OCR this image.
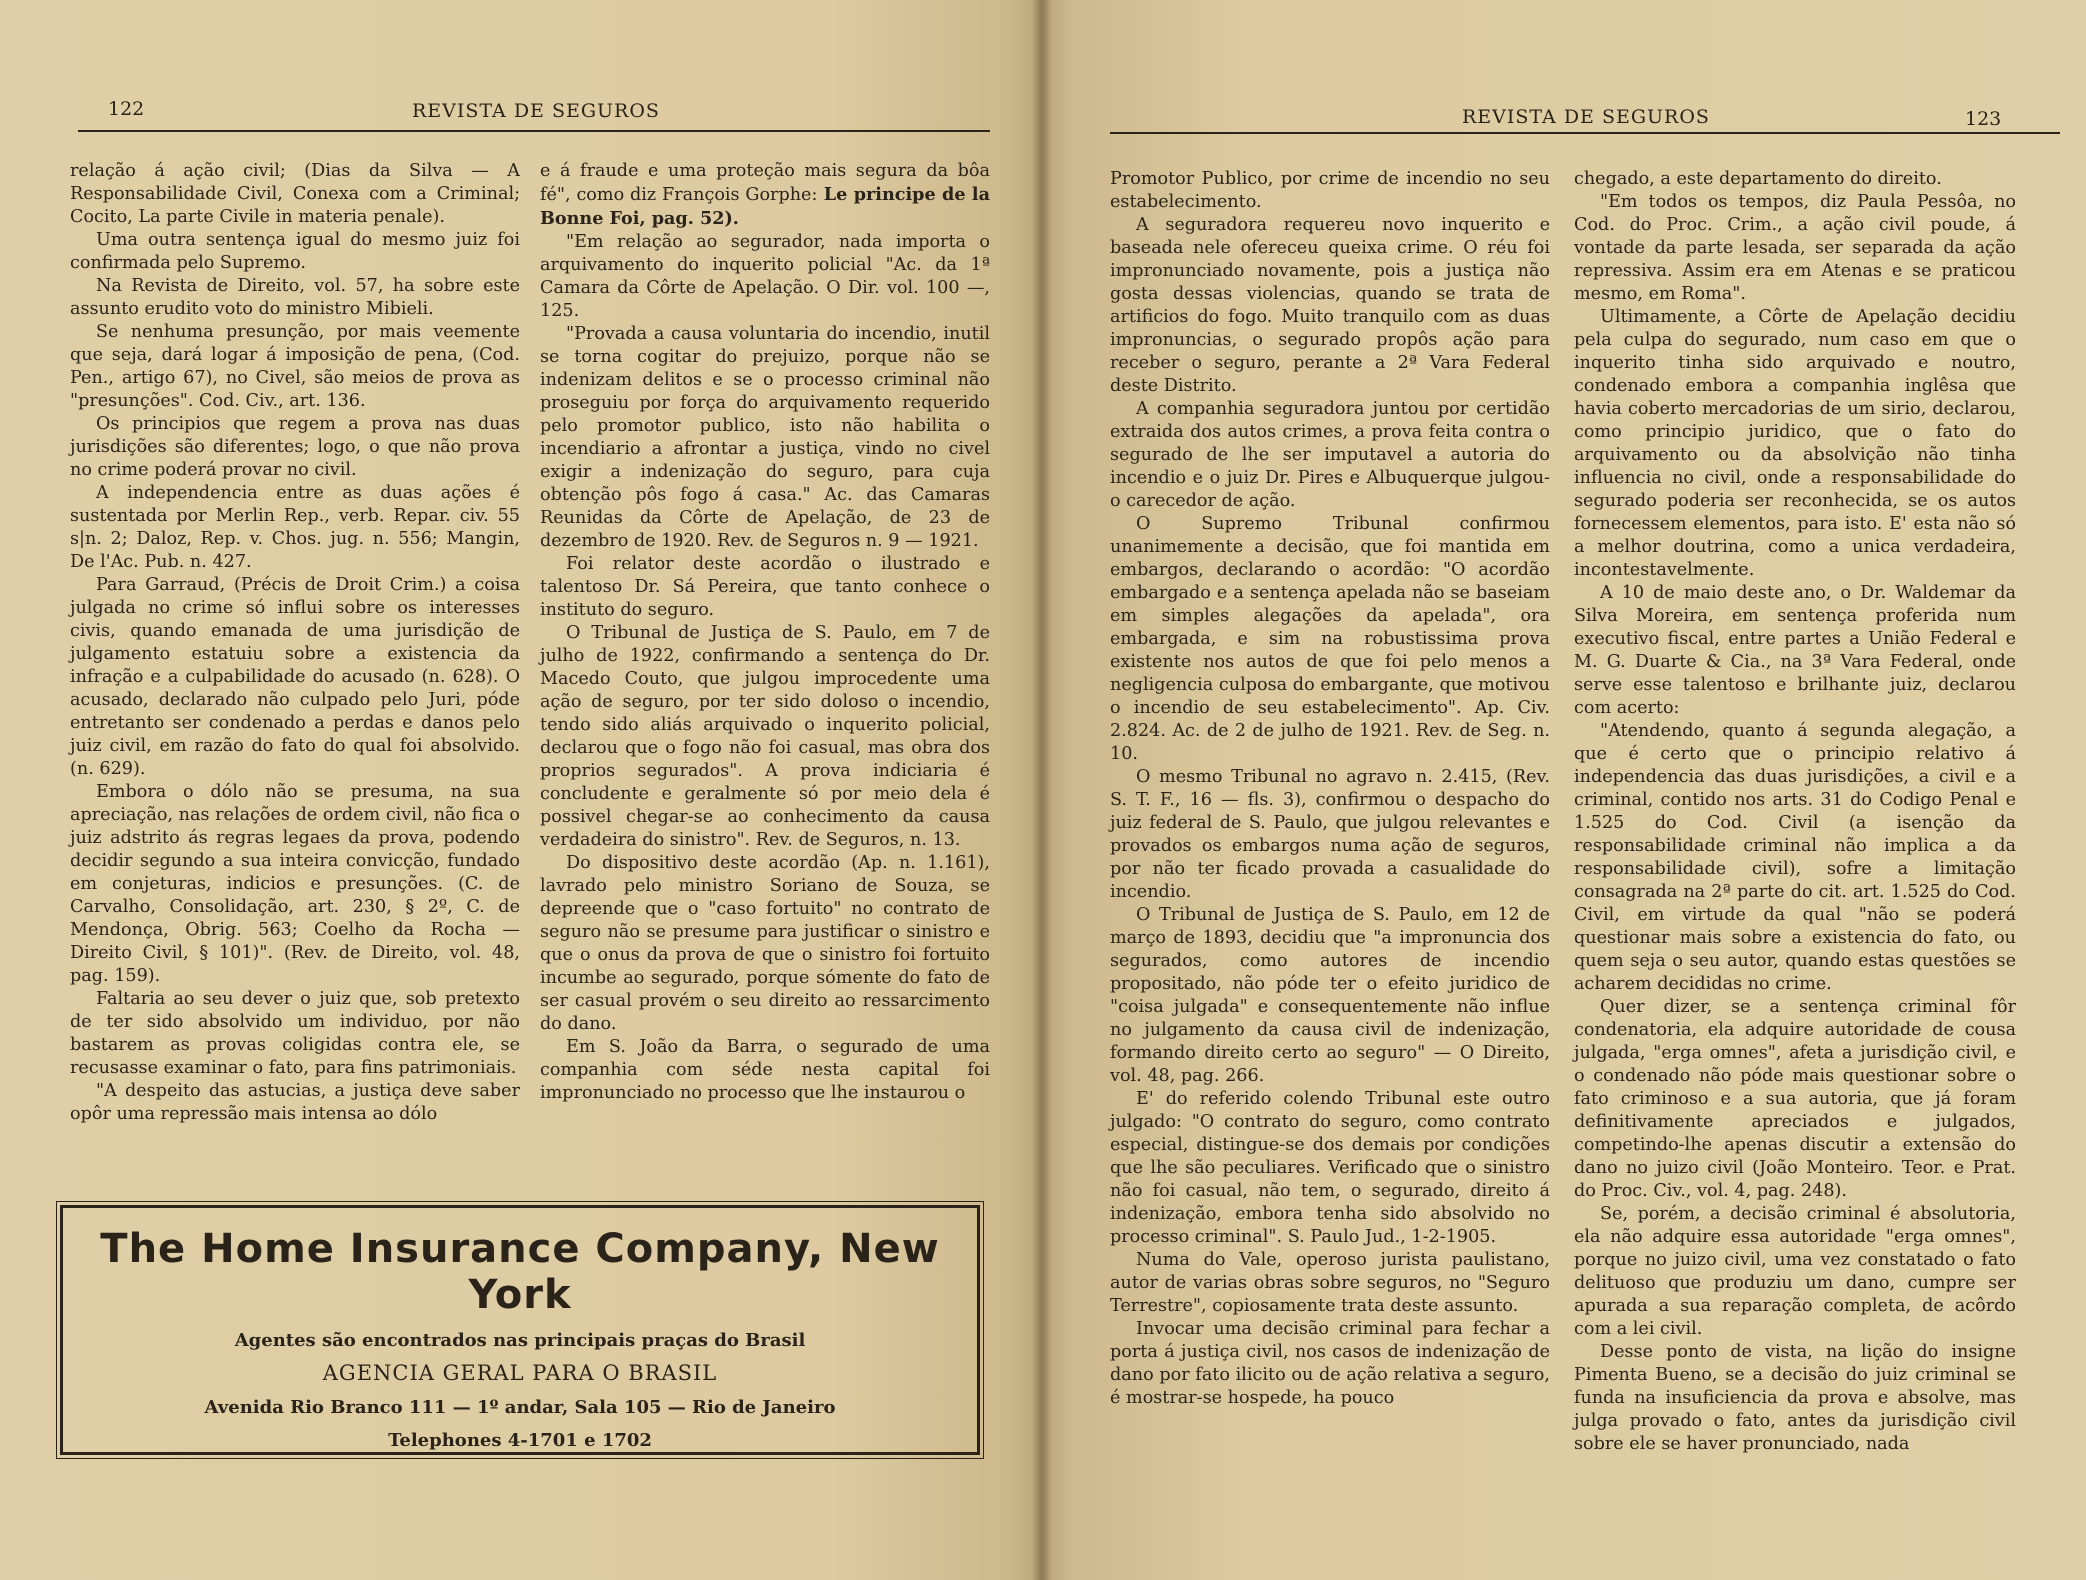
122	REVISTA DE SEGUROS

relação á ação civil; (Dias da Silva — A Responsabilidade Civil, Conexa com a Criminal; Cocito, La parte Civile in materia penale).

Uma outra sentença igual do mesmo juiz foi confirmada pelo Supremo.

Na Revista de Direito, vol. 57, ha sobre este assunto erudito voto do ministro Mibieli.

Se nenhuma presunção, por mais veemente que seja, dará logar á imposição de pena, (Cod. Pen., artigo 67), no Civel, são meios de prova as "presunções". Cod. Civ., art. 136.

Os principios que regem a prova nas duas jurisdições são diferentes; logo, o que não prova no crime poderá provar no civil.

A independencia entre as duas ações é sustentada por Merlin Rep., verb. Repar. civ. 55 s|n. 2; Daloz, Rep. v. Chos. jug. n. 556; Mangin, De l'Ac. Pub. n. 427.

Para Garraud, (Précis de Droit Crim.) a coisa julgada no crime só influi sobre os interesses civis, quando emanada de uma jurisdição de julgamento estatuiu sobre a existencia da infração e a culpabilidade do acusado (n. 628). O acusado, declarado não culpado pelo Juri, póde entretanto ser condenado a perdas e danos pelo juiz civil, em razão do fato do qual foi absolvido. (n. 629).

Embora o dólo não se presuma, na sua apreciação, nas relações de ordem civil, não fica o juiz adstrito ás regras legaes da prova, podendo decidir segundo a sua inteira convicção, fundado em conjeturas, indicios e presunções. (C. de Carvalho, Consolidação, art. 230, § 2º, C. de Mendonça, Obrig. 563; Coelho da Rocha — Direito Civil, § 101)". (Rev. de Direito, vol. 48, pag. 159).

Faltaria ao seu dever o juiz que, sob pretexto de ter sido absolvido um individuo, por não bastarem as provas coligidas contra ele, se recusasse examinar o fato, para fins patrimoniais.

"A despeito das astucias, a justiça deve saber opôr uma repressão mais intensa ao dólo

e á fraude e uma proteção mais segura da bôa fé", como diz François Gorphe: Le principe de la Bonne Foi, pag. 52).

"Em relação ao segurador, nada importa o arquivamento do inquerito policial "Ac. da 1ª Camara da Côrte de Apelação. O Dir. vol. 100 —, 125.

"Provada a causa voluntaria do incendio, inutil se torna cogitar do prejuizo, porque não se indenizam delitos e se o processo criminal não proseguiu por força do arquivamento requerido pelo promotor publico, isto não habilita o incendiario a afrontar a justiça, vindo no civel exigir a indenização do seguro, para cuja obtenção pôs fogo á casa." Ac. das Camaras Reunidas da Côrte de Apelação, de 23 de dezembro de 1920. Rev. de Seguros n. 9 — 1921.

Foi relator deste acordão o ilustrado e talentoso Dr. Sá Pereira, que tanto conhece o instituto do seguro.

O Tribunal de Justiça de S. Paulo, em 7 de julho de 1922, confirmando a sentença do Dr. Macedo Couto, que julgou improcedente uma ação de seguro, por ter sido doloso o incendio, tendo sido aliás arquivado o inquerito policial, declarou que o fogo não foi casual, mas obra dos proprios segurados". A prova indiciaria é concludente e geralmente só por meio dela é possivel chegar-se ao conhecimento da causa verdadeira do sinistro". Rev. de Seguros, n. 13.

Do dispositivo deste acordão (Ap. n. 1.161), lavrado pelo ministro Soriano de Souza, se depreende que o "caso fortuito" no contrato de seguro não se presume para justificar o sinistro e que o onus da prova de que o sinistro foi fortuito incumbe ao segurado, porque sómente do fato de ser casual provém o seu direito ao ressarcimento do dano.

Em S. João da Barra, o segurado de uma companhia com séde nesta capital foi impronunciado no processo que lhe instaurou o

The Home Insurance Company, New York
Agentes são encontrados nas principais praças do Brasil
AGENCIA GERAL PARA O BRASIL
Avenida Rio Branco 111 — 1º andar, Sala 105 — Rio de Janeiro
Telephones 4-1701 e 1702
REVISTA DE SEGUROS	123

Promotor Publico, por crime de incendio no seu estabelecimento.

A seguradora requereu novo inquerito e baseada nele ofereceu queixa crime. O réu foi impronunciado novamente, pois a justiça não gosta dessas violencias, quando se trata de artificios do fogo. Muito tranquilo com as duas impronuncias, o segurado propôs ação para receber o seguro, perante a 2ª Vara Federal deste Distrito.

A companhia seguradora juntou por certidão extraida dos autos crimes, a prova feita contra o segurado de lhe ser imputavel a autoria do incendio e o juiz Dr. Pires e Albuquerque julgou-o carecedor de ação.

O Supremo Tribunal confirmou unanimemente a decisão, que foi mantida em embargos, declarando o acordão: "O acordão embargado e a sentença apelada não se baseiam em simples alegações da apelada", ora embargada, e sim na robustissima prova existente nos autos de que foi pelo menos a negligencia culposa do embargante, que motivou o incendio de seu estabelecimento". Ap. Civ. 2.824. Ac. de 2 de julho de 1921. Rev. de Seg. n. 10.

O mesmo Tribunal no agravo n. 2.415, (Rev. S. T. F., 16 — fls. 3), confirmou o despacho do juiz federal de S. Paulo, que julgou relevantes e provados os embargos numa ação de seguros, por não ter ficado provada a casualidade do incendio.

O Tribunal de Justiça de S. Paulo, em 12 de março de 1893, decidiu que "a impronuncia dos segurados, como autores de incendio propositado, não póde ter o efeito juridico de "coisa julgada" e consequentemente não influe no julgamento da causa civil de indenização, formando direito certo ao seguro" — O Direito, vol. 48, pag. 266.

E' do referido colendo Tribunal este outro julgado: "O contrato do seguro, como contrato especial, distingue-se dos demais por condições que lhe são peculiares. Verificado que o sinistro não foi casual, não tem, o segurado, direito á indenização, embora tenha sido absolvido no processo criminal". S. Paulo Jud., 1-2-1905.

Numa do Vale, operoso jurista paulistano, autor de varias obras sobre seguros, no "Seguro Terrestre", copiosamente trata deste assunto.

Invocar uma decisão criminal para fechar a porta á justiça civil, nos casos de indenização de dano por fato ilicito ou de ação relativa a seguro, é mostrar-se hospede, ha pouco

chegado, a este departamento do direito.

"Em todos os tempos, diz Paula Pessôa, no Cod. do Proc. Crim., a ação civil poude, á vontade da parte lesada, ser separada da ação repressiva. Assim era em Atenas e se praticou mesmo, em Roma".

Ultimamente, a Côrte de Apelação decidiu pela culpa do segurado, num caso em que o inquerito tinha sido arquivado e noutro, condenado embora a companhia inglêsa que havia coberto mercadorias de um sirio, declarou, como principio juridico, que o fato do arquivamento ou da absolvição não tinha influencia no civil, onde a responsabilidade do segurado poderia ser reconhecida, se os autos fornecessem elementos, para isto. E' esta não só a melhor doutrina, como a unica verdadeira, incontestavelmente.

A 10 de maio deste ano, o Dr. Waldemar da Silva Moreira, em sentença proferida num executivo fiscal, entre partes a União Federal e M. G. Duarte & Cia., na 3ª Vara Federal, onde serve esse talentoso e brilhante juiz, declarou com acerto:

"Atendendo, quanto á segunda alegação, a que é certo que o principio relativo á independencia das duas jurisdições, a civil e a criminal, contido nos arts. 31 do Codigo Penal e 1.525 do Cod. Civil (a isenção da responsabilidade criminal não implica a da responsabilidade civil), sofre a limitação consagrada na 2ª parte do cit. art. 1.525 do Cod. Civil, em virtude da qual "não se poderá questionar mais sobre a existencia do fato, ou quem seja o seu autor, quando estas questões se acharem decididas no crime.

Quer dizer, se a sentença criminal fôr condenatoria, ela adquire autoridade de cousa julgada, "erga omnes", afeta a jurisdição civil, e o condenado não póde mais questionar sobre o fato criminoso e a sua autoria, que já foram definitivamente apreciados e julgados, competindo-lhe apenas discutir a extensão do dano no juizo civil (João Monteiro. Teor. e Prat. do Proc. Civ., vol. 4, pag. 248).

Se, porém, a decisão criminal é absolutoria, ela não adquire essa autoridade "erga omnes", porque no juizo civil, uma vez constatado o fato delituoso que produziu um dano, cumpre ser apurada a sua reparação completa, de acôrdo com a lei civil.

Desse ponto de vista, na lição do insigne Pimenta Bueno, se a decisão do juiz criminal se funda na insuficiencia da prova e absolve, mas julga provado o fato, antes da jurisdição civil sobre ele se haver pronunciado, nada
